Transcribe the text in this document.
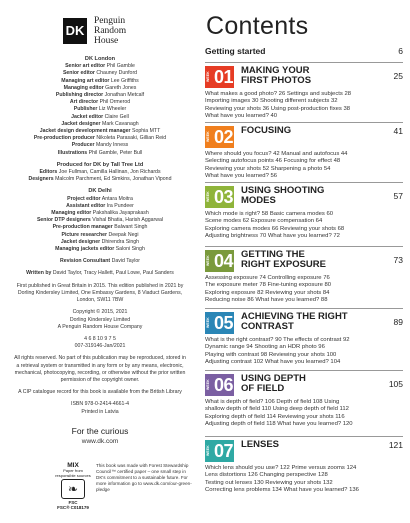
DK
Penguin
Random
House
DK London
Senior art editor Phil Gamble
Senior editor Chauney Dunford
Managing art editor Lee Griffiths
Managing editor Gareth Jones
Publishing director Jonathan Metcalf
Art director Phil Ormerod
Publisher Liz Wheeler
Jacket editor Claire Gell
Jacket designer Mark Cavanagh
Jacket design development manager Sophia MTT
Pre-production producer Nikoleta Parasaki, Gillian Reid
Producer Mandy Inness
Illustrations Phil Gamble, Peter Bull
Produced for DK by Tall Tree Ltd
Editors Joe Fullman, Camilla Hallinan, Jon Richards
Designers Malcolm Parchment, Ed Simkins, Jonathan Vipond
DK Delhi
Project editor Antara Moitra
Assistant editor Ira Pundeer
Managing editor Pakshalika Jayaprakash
Senior DTP designers Vishal Bhatia, Harish Aggarwal
Pre-production manager Balwant Singh
Picture researcher Deepak Negi
Jacket designer Dhirendra Singh
Managing jackets editor Saloni Singh
Revision Consultant David Taylor
Written by David Taylor, Tracy Hallett, Paul Lowe, Paul Sanders
First published in Great Britain in 2015. This edition published in 2021 by Dorling Kindersley Limited, One Embassy Gardens, 8 Viaduct Gardens, London, SW11 7BW
Copyright © 2015, 2021
Dorling Kindersley Limited
A Penguin Random House Company
4 6 8 10 9 7 5
007-319146-Jan/2021
All rights reserved. No part of this publication may be reproduced, stored in a retrieval system or transmitted in any form or by any means, electronic, mechanical, photocopying, recording, or otherwise without the prior written permission of the copyright owner.
A CIP catalogue record for this book is available from the British Library
ISBN 978-0-2414-4661-4
Printed in Latvia
For the curious
www.dk.com
MIX
Paper from
responsible sources
❧
FSC
FSC® C018179
This book was made with Forest Stewardship Council™ certified paper – one small step in DK's commitment to a sustainable future. For more information go to www.dk.com/our-green-pledge
Contents
Getting started	6
WEEK 01 MAKING YOUR
FIRST PHOTOS	25
What makes a good photo? 26 Settings and subjects 28
Importing images 30 Shooting different subjects 32
Reviewing your shots 36 Using post-production fixes 38
What have you learned? 40
WEEK 02 FOCUSING	41
Where should you focus? 42 Manual and autofocus 44
Selecting autofocus points 46 Focusing for effect 48
Reviewing your shots 52 Sharpening a photo 54
What have you learned? 56
WEEK 03 USING SHOOTING
MODES	57
Which mode is right? 58 Basic camera modes 60
Scene modes 62 Exposure compensation 64
Exploring camera modes 66 Reviewing your shots 68
Adjusting brightness 70 What have you learned? 72
WEEK 04 GETTING THE
RIGHT EXPOSURE	73
Assessing exposure 74 Controlling exposure 76
The exposure meter 78 Fine-tuning exposure 80
Exploring exposure 82 Reviewing your shots 84
Reducing noise 86 What have you learned? 88
WEEK 05 ACHIEVING THE RIGHT
CONTRAST	89
What is the right contrast? 90 The effects of contrast 92
Dynamic range 94 Shooting an HDR photo 96
Playing with contrast 98 Reviewing your shots 100
Adjusting contrast 102 What have you learned? 104
WEEK 06 USING DEPTH
OF FIELD	105
What is depth of field? 106 Depth of field 108 Using
shallow depth of field 110 Using deep depth of field 112
Exploring depth of field 114 Reviewing your shots 116
Adjusting depth of field 118 What have you learned? 120
WEEK 07 LENSES	121
Which lens should you use? 122 Prime versus zooms 124
Lens distortions 126 Changing perspective 128
Testing out lenses 130 Reviewing your shots 132
Correcting lens problems 134 What have you learned? 136
